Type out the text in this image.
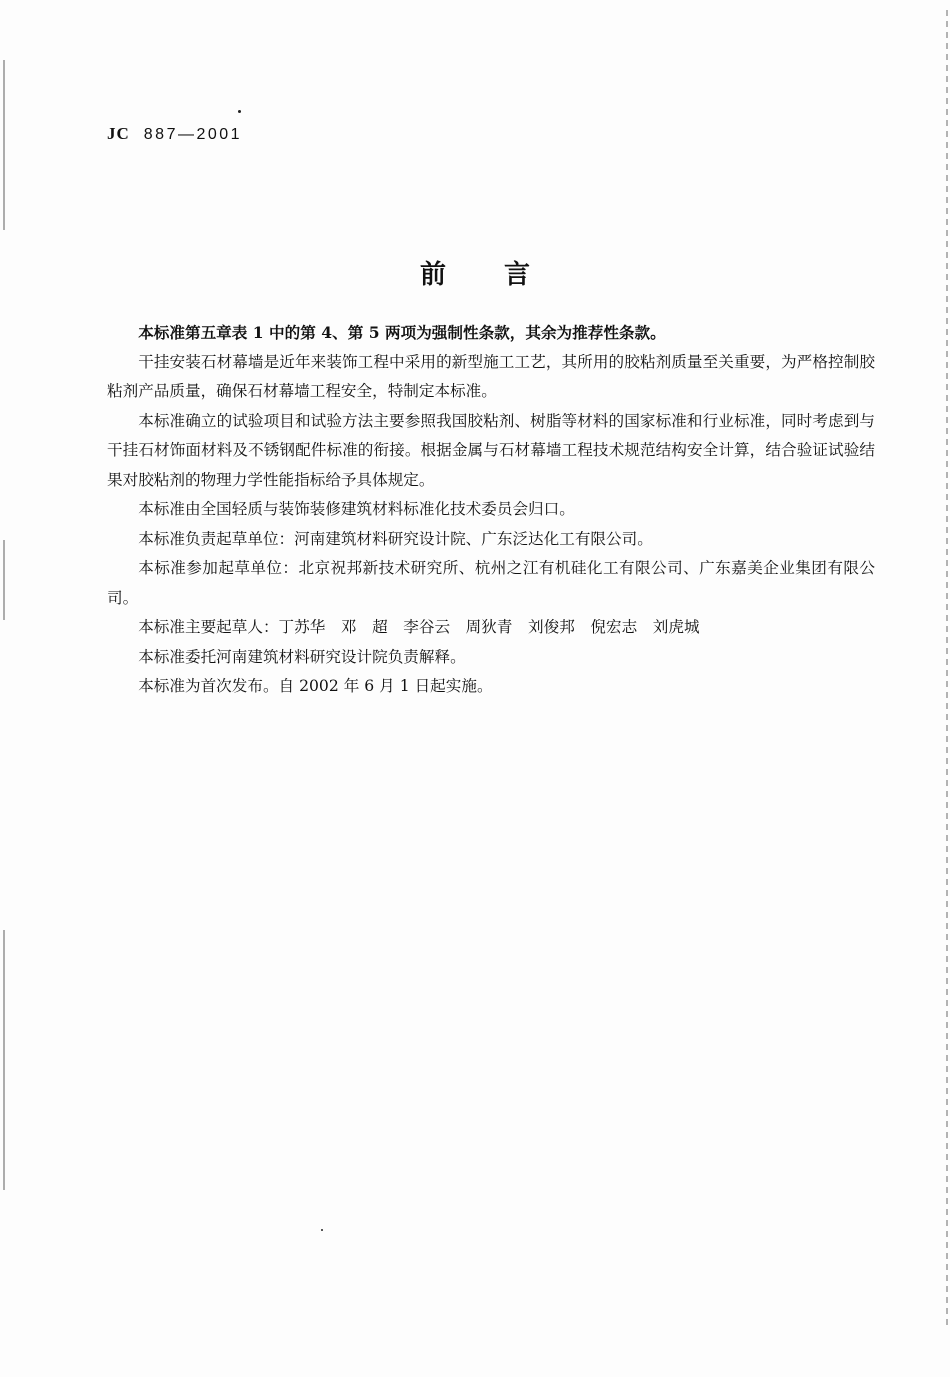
JC 887—2001
前 言

本标准第五章表 1 中的第 4、第 5 两项为强制性条款，其余为推荐性条款。

干挂安装石材幕墙是近年来装饰工程中采用的新型施工工艺，其所用的胶粘剂质量至关重要，为严格控制胶粘剂产品质量，确保石材幕墙工程安全，特制定本标准。

本标准确立的试验项目和试验方法主要参照我国胶粘剂、树脂等材料的国家标准和行业标准，同时考虑到与干挂石材饰面材料及不锈钢配件标准的衔接。根据金属与石材幕墙工程技术规范结构安全计算，结合验证试验结果对胶粘剂的物理力学性能指标给予具体规定。

本标准由全国轻质与装饰装修建筑材料标准化技术委员会归口。

本标准负责起草单位：河南建筑材料研究设计院、广东泛达化工有限公司。

本标准参加起草单位：北京祝邦新技术研究所、杭州之江有机硅化工有限公司、广东嘉美企业集团有限公司。

本标准主要起草人：丁苏华　邓　超　李谷云　周狄青　刘俊邦　倪宏志　刘虎城

本标准委托河南建筑材料研究设计院负责解释。

本标准为首次发布。自 2002 年 6 月 1 日起实施。
